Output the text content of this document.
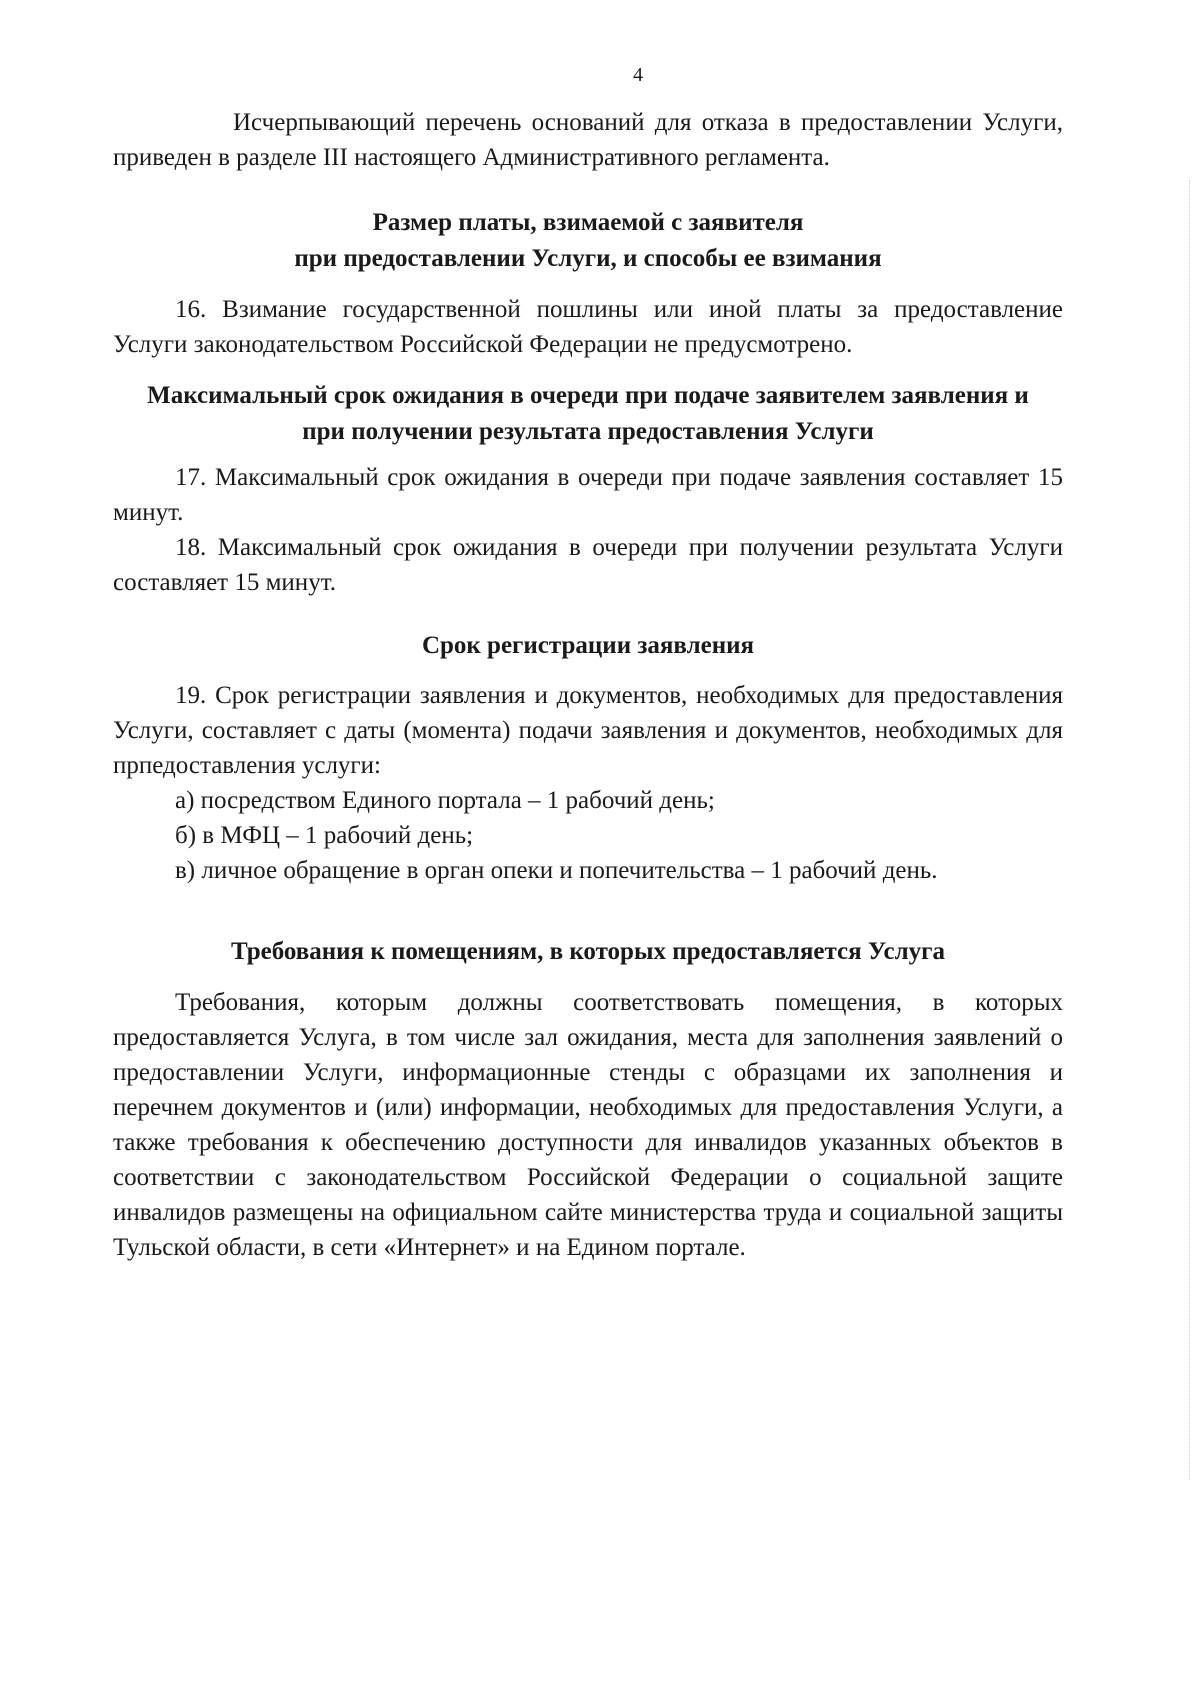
4

Исчерпывающий перечень оснований для отказа в предоставлении Услуги, приведен в разделе III настоящего Административного регламента.

Размер платы, взимаемой с заявителя
при предоставлении Услуги, и способы ее взимания

16. Взимание государственной пошлины или иной платы за предоставление Услуги законодательством Российской Федерации не предусмотрено.

Максимальный срок ожидания в очереди при подаче заявителем заявления и
при получении результата предоставления Услуги

17. Максимальный срок ожидания в очереди при подаче заявления составляет 15 минут.

18. Максимальный срок ожидания в очереди при получении результата Услуги составляет 15 минут.

Срок регистрации заявления

19. Срок регистрации заявления и документов, необходимых для предоставления Услуги, составляет с даты (момента) подачи заявления и документов, необходимых для прпедоставления услуги:

а) посредством Единого портала – 1 рабочий день;

б) в МФЦ – 1 рабочий день;

в) личное обращение в орган опеки и попечительства – 1 рабочий день.

Требования к помещениям, в которых предоставляется Услуга

Требования, которым должны соответствовать помещения, в которых предоставляется Услуга, в том числе зал ожидания, места для заполнения заявлений о предоставлении Услуги, информационные стенды с образцами их заполнения и перечнем документов и (или) информации, необходимых для предоставления Услуги, а также требования к обеспечению доступности для инвалидов указанных объектов в соответствии с законодательством Российской Федерации о социальной защите инвалидов размещены на официальном сайте министерства труда и социальной защиты Тульской области, в сети «Интернет» и на Едином портале.
